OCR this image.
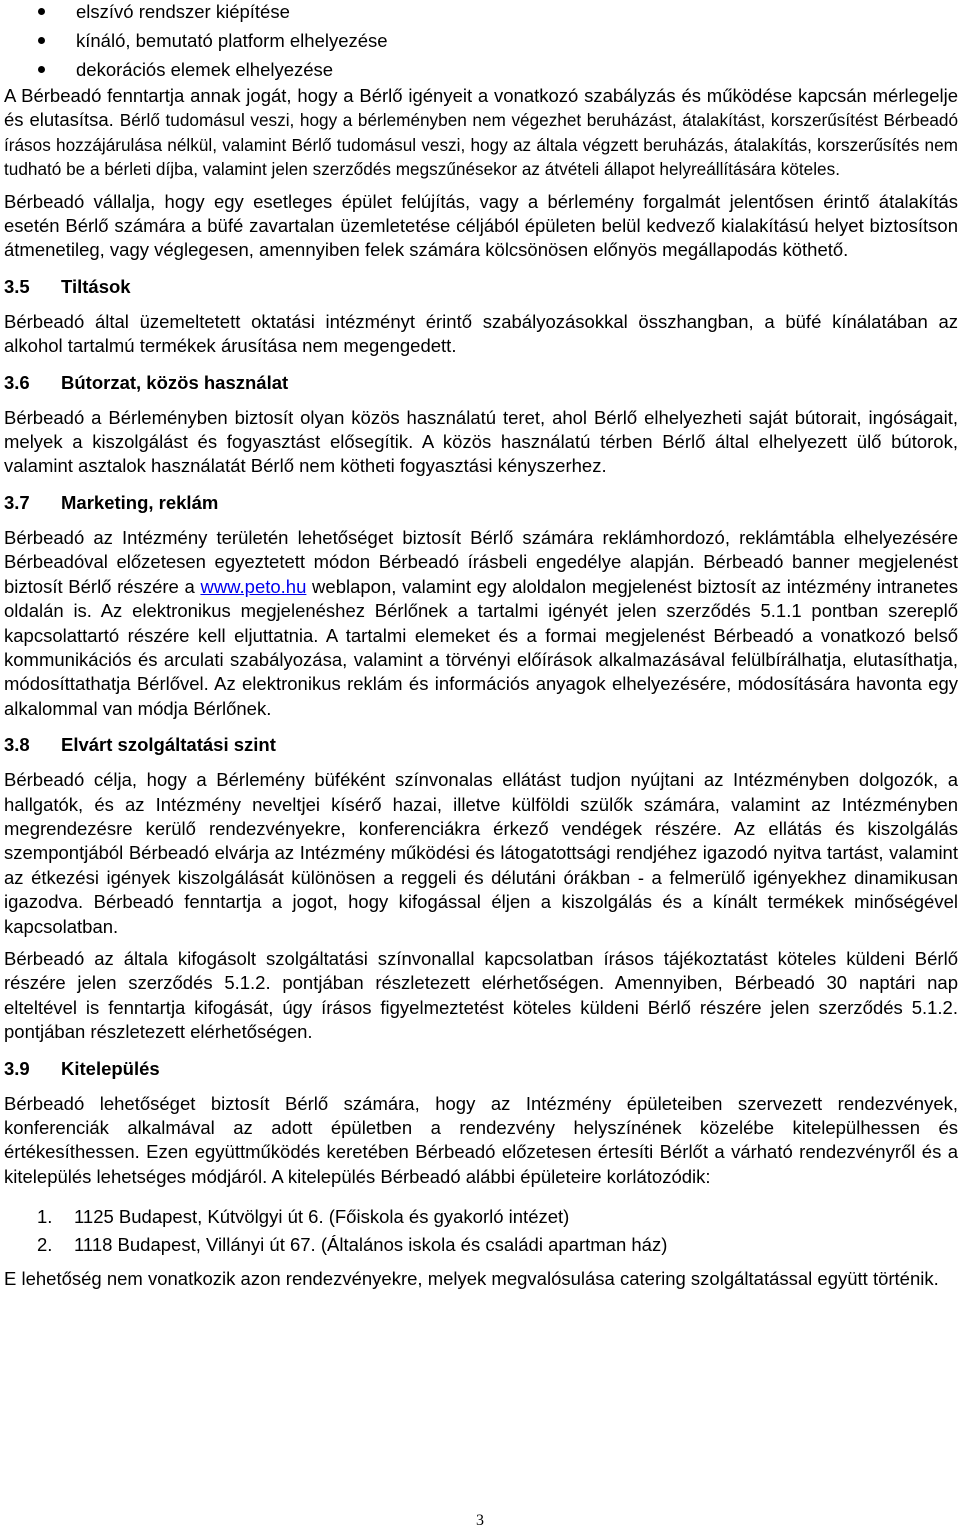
elszívó rendszer kiépítése
kínáló, bemutató platform elhelyezése
dekorációs elemek elhelyezése

A Bérbeadó fenntartja annak jogát, hogy a Bérlő igényeit a vonatkozó szabályzás és működése kapcsán mérlegelje és elutasítsa. Bérlő tudomásul veszi, hogy a bérleményben nem végezhet beruházást, átalakítást, korszerűsítést Bérbeadó írásos hozzájárulása nélkül, valamint Bérlő tudomásul veszi, hogy az általa végzett beruházás, átalakítás, korszerűsítés nem tudható be a bérleti díjba, valamint jelen szerződés megszűnésekor az átvételi állapot helyreállítására köteles.

Bérbeadó vállalja, hogy egy esetleges épület felújítás, vagy a bérlemény forgalmát jelentősen érintő átalakítás esetén Bérlő számára a büfé zavartalan üzemletetése céljából épületen belül kedvező kialakítású helyet biztosítson átmenetileg, vagy véglegesen, amennyiben felek számára kölcsönösen előnyös megállapodás köthető.

3.5 Tiltások

Bérbeadó által üzemeltetett oktatási intézményt érintő szabályozásokkal összhangban, a büfé kínálatában az alkohol tartalmú termékek árusítása nem megengedett.

3.6 Bútorzat, közös használat

Bérbeadó a Bérleményben biztosít olyan közös használatú teret, ahol Bérlő elhelyezheti saját bútorait, ingóságait, melyek a kiszolgálást és fogyasztást elősegítik. A közös használatú térben Bérlő által elhelyezett ülő bútorok, valamint asztalok használatát Bérlő nem kötheti fogyasztási kényszerhez.

3.7 Marketing, reklám

Bérbeadó az Intézmény területén lehetőséget biztosít Bérlő számára reklámhordozó, reklámtábla elhelyezésére Bérbeadóval előzetesen egyeztetett módon Bérbeadó írásbeli engedélye alapján. Bérbeadó banner megjelenést biztosít Bérlő részére a www.peto.hu weblapon, valamint egy aloldalon megjelenést biztosít az intézmény intranetes oldalán is. Az elektronikus megjelenéshez Bérlőnek a tartalmi igényét jelen szerződés 5.1.1 pontban szereplő kapcsolattartó részére kell eljuttatnia. A tartalmi elemeket és a formai megjelenést Bérbeadó a vonatkozó belső kommunikációs és arculati szabályozása, valamint a törvényi előírások alkalmazásával felülbírálhatja, elutasíthatja, módosíttathatja Bérlővel. Az elektronikus reklám és információs anyagok elhelyezésére, módosítására havonta egy alkalommal van módja Bérlőnek.

3.8 Elvárt szolgáltatási szint

Bérbeadó célja, hogy a Bérlemény büféként színvonalas ellátást tudjon nyújtani az Intézményben dolgozók, a hallgatók, és az Intézmény neveltjei kísérő hazai, illetve külföldi szülők számára, valamint az Intézményben megrendezésre kerülő rendezvényekre, konferenciákra érkező vendégek részére. Az ellátás és kiszolgálás szempontjából Bérbeadó elvárja az Intézmény működési és látogatottsági rendjéhez igazodó nyitva tartást, valamint az étkezési igények kiszolgálását különösen a reggeli és délutáni órákban - a felmerülő igényekhez dinamikusan igazodva. Bérbeadó fenntartja a jogot, hogy kifogással éljen a kiszolgálás és a kínált termékek minőségével kapcsolatban.

Bérbeadó az általa kifogásolt szolgáltatási színvonallal kapcsolatban írásos tájékoztatást köteles küldeni Bérlő részére jelen szerződés 5.1.2. pontjában részletezett elérhetőségen. Amennyiben, Bérbeadó 30 naptári nap elteltével is fenntartja kifogását, úgy írásos figyelmeztetést köteles küldeni Bérlő részére jelen szerződés 5.1.2. pontjában részletezett elérhetőségen.

3.9 Kitelepülés

Bérbeadó lehetőséget biztosít Bérlő számára, hogy az Intézmény épületeiben szervezett rendezvények, konferenciák alkalmával az adott épületben a rendezvény helyszínének közelébe kitelepülhessen és értékesíthessen. Ezen együttműködés keretében Bérbeadó előzetesen értesíti Bérlőt a várható rendezvényről és a kitelepülés lehetséges módjáról. A kitelepülés Bérbeadó alábbi épületeire korlátozódik:

1. 1125 Budapest, Kútvölgyi út 6. (Főiskola és gyakorló intézet)
2. 1118 Budapest, Villányi út 67. (Általános iskola és családi apartman ház)

E lehetőség nem vonatkozik azon rendezvényekre, melyek megvalósulása catering szolgáltatással együtt történik.

3
